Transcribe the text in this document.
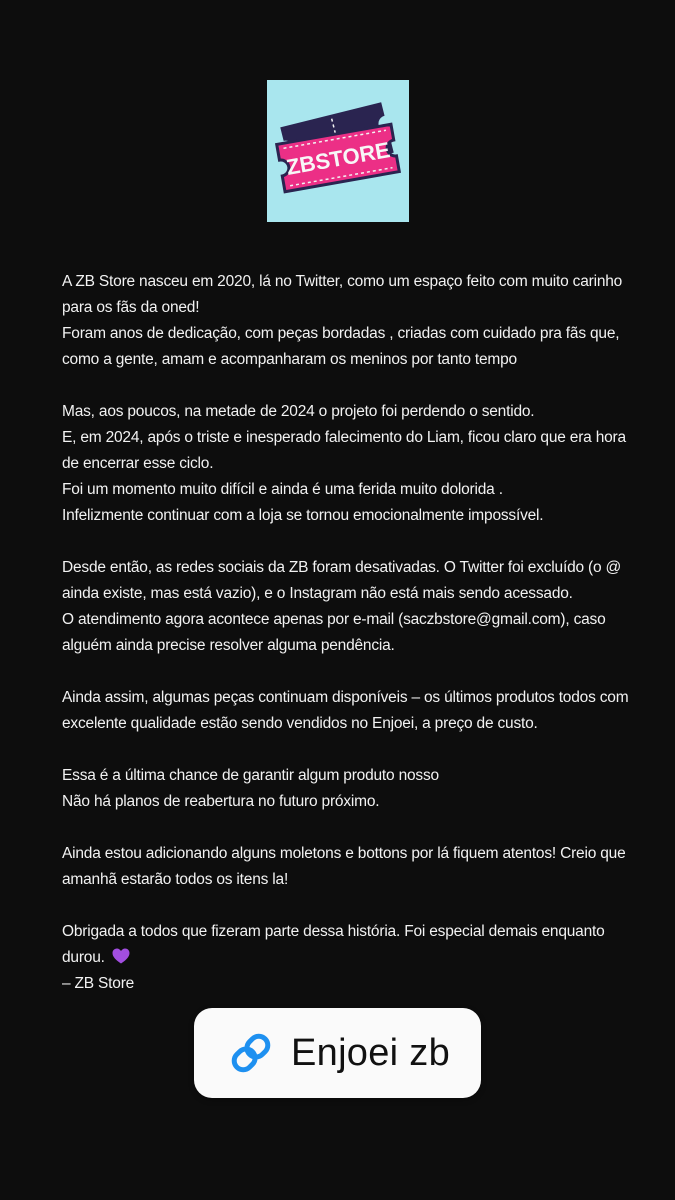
ZBSTORE

A ZB Store nasceu em 2020, lá no Twitter, como um espaço feito com muito carinho
para os fãs da oned!
Foram anos de dedicação, com peças bordadas , criadas com cuidado pra fãs que,
como a gente, amam e acompanharam os meninos por tanto tempo

Mas, aos poucos, na metade de 2024 o projeto foi perdendo o sentido.
E, em 2024, após o triste e inesperado falecimento do Liam, ficou claro que era hora
de encerrar esse ciclo.
Foi um momento muito difícil e ainda é uma ferida muito dolorida .
Infelizmente continuar com a loja se tornou emocionalmente impossível.

Desde então, as redes sociais da ZB foram desativadas. O Twitter foi excluído (o @
ainda existe, mas está vazio), e o Instagram não está mais sendo acessado.
O atendimento agora acontece apenas por e-mail (saczbstore@gmail.com), caso
alguém ainda precise resolver alguma pendência.

Ainda assim, algumas peças continuam disponíveis – os últimos produtos todos com
excelente qualidade estão sendo vendidos no Enjoei, a preço de custo.

Essa é a última chance de garantir algum produto nosso
Não há planos de reabertura no futuro próximo.

Ainda estou adicionando alguns moletons e bottons por lá fiquem atentos! Creio que
amanhã estarão todos os itens la!

Obrigada a todos que fizeram parte dessa história. Foi especial demais enquanto
durou.
– ZB Store

Enjoei zb
